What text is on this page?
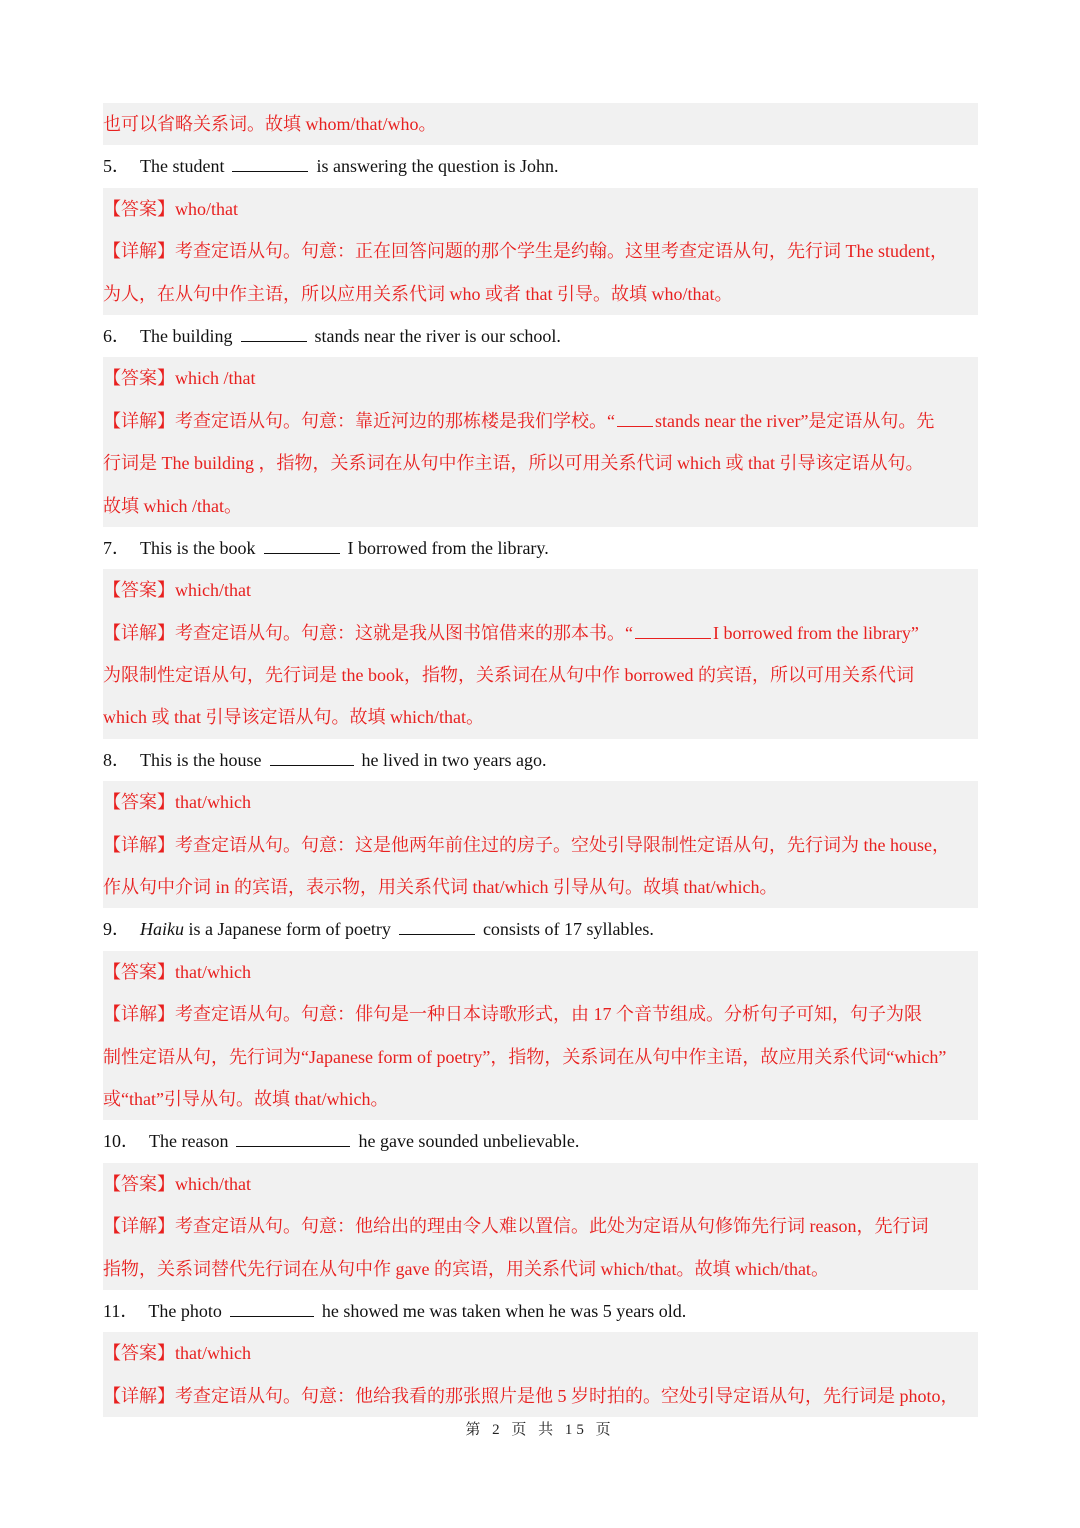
也可以省略关系词。故填 whom/that/who。
5． The student	is answering the question is John.
【答案】who/that
【详解】考查定语从句。句意：正在回答问题的那个学生是约翰。这里考查定语从句，先行词 The student，
为人，在从句中作主语，所以应用关系代词 who 或者 that 引导。故填 who/that。
6． The building	stands near the river is our school.
【答案】which /that
【详解】考查定语从句。句意：靠近河边的那栋楼是我们学校。“ stands near the river”是定语从句。先
行词是 The building ，指物，关系词在从句中作主语，所以可用关系代词 which 或 that 引导该定语从句。
故填 which /that。
7． This is the book	I borrowed from the library.
【答案】which/that
【详解】考查定语从句。句意：这就是我从图书馆借来的那本书。“	I borrowed from the library”
为限制性定语从句，先行词是 the book，指物，关系词在从句中作 borrowed 的宾语，所以可用关系代词
which 或 that 引导该定语从句。故填 which/that。
8． This is the house	he lived in two years ago.
【答案】that/which
【详解】考查定语从句。句意：这是他两年前住过的房子。空处引导限制性定语从句，先行词为 the house，
作从句中介词 in 的宾语，表示物，用关系代词 that/which 引导从句。故填 that/which。
9． Haiku is a Japanese form of poetry	consists of 17 syllables.
【答案】that/which
【详解】考查定语从句。句意：俳句是一种日本诗歌形式，由 17 个音节组成。分析句子可知，句子为限
制性定语从句，先行词为“Japanese form of poetry”，指物，关系词在从句中作主语，故应用关系代词“which”
或“that”引导从句。故填 that/which。
10． The reason	he gave sounded unbelievable.
【答案】which/that
【详解】考查定语从句。句意：他给出的理由令人难以置信。此处为定语从句修饰先行词 reason，先行词
指物，关系词替代先行词在从句中作 gave 的宾语，用关系代词 which/that。故填 which/that。
11． The photo	he showed me was taken when he was 5 years old.
【答案】that/which
【详解】考查定语从句。句意：他给我看的那张照片是他 5 岁时拍的。空处引导定语从句，先行词是 photo，
第 2 页 共 15 页
